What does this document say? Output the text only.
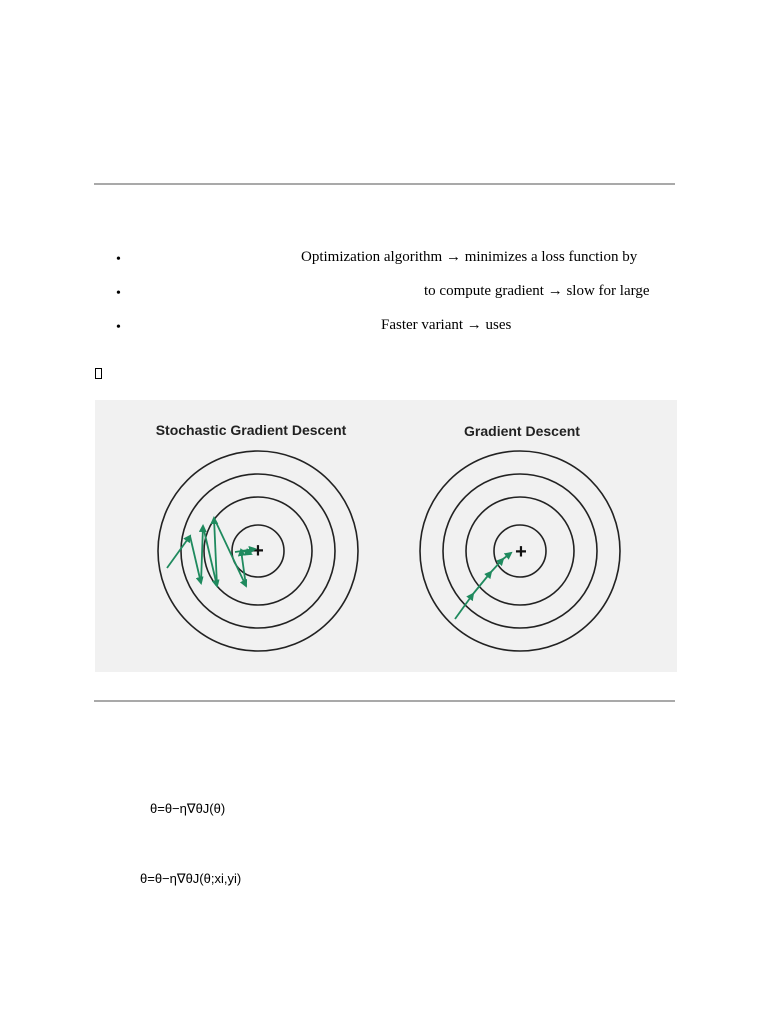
•	Optimization algorithm → minimizes a loss function by
•	to compute gradient → slow for large
•	Faster variant → uses
Stochastic Gradient Descent
+
Gradient Descent
+
θ=θ−η∇θJ(θ)
θ=θ−η∇θJ(θ;xi,yi)
